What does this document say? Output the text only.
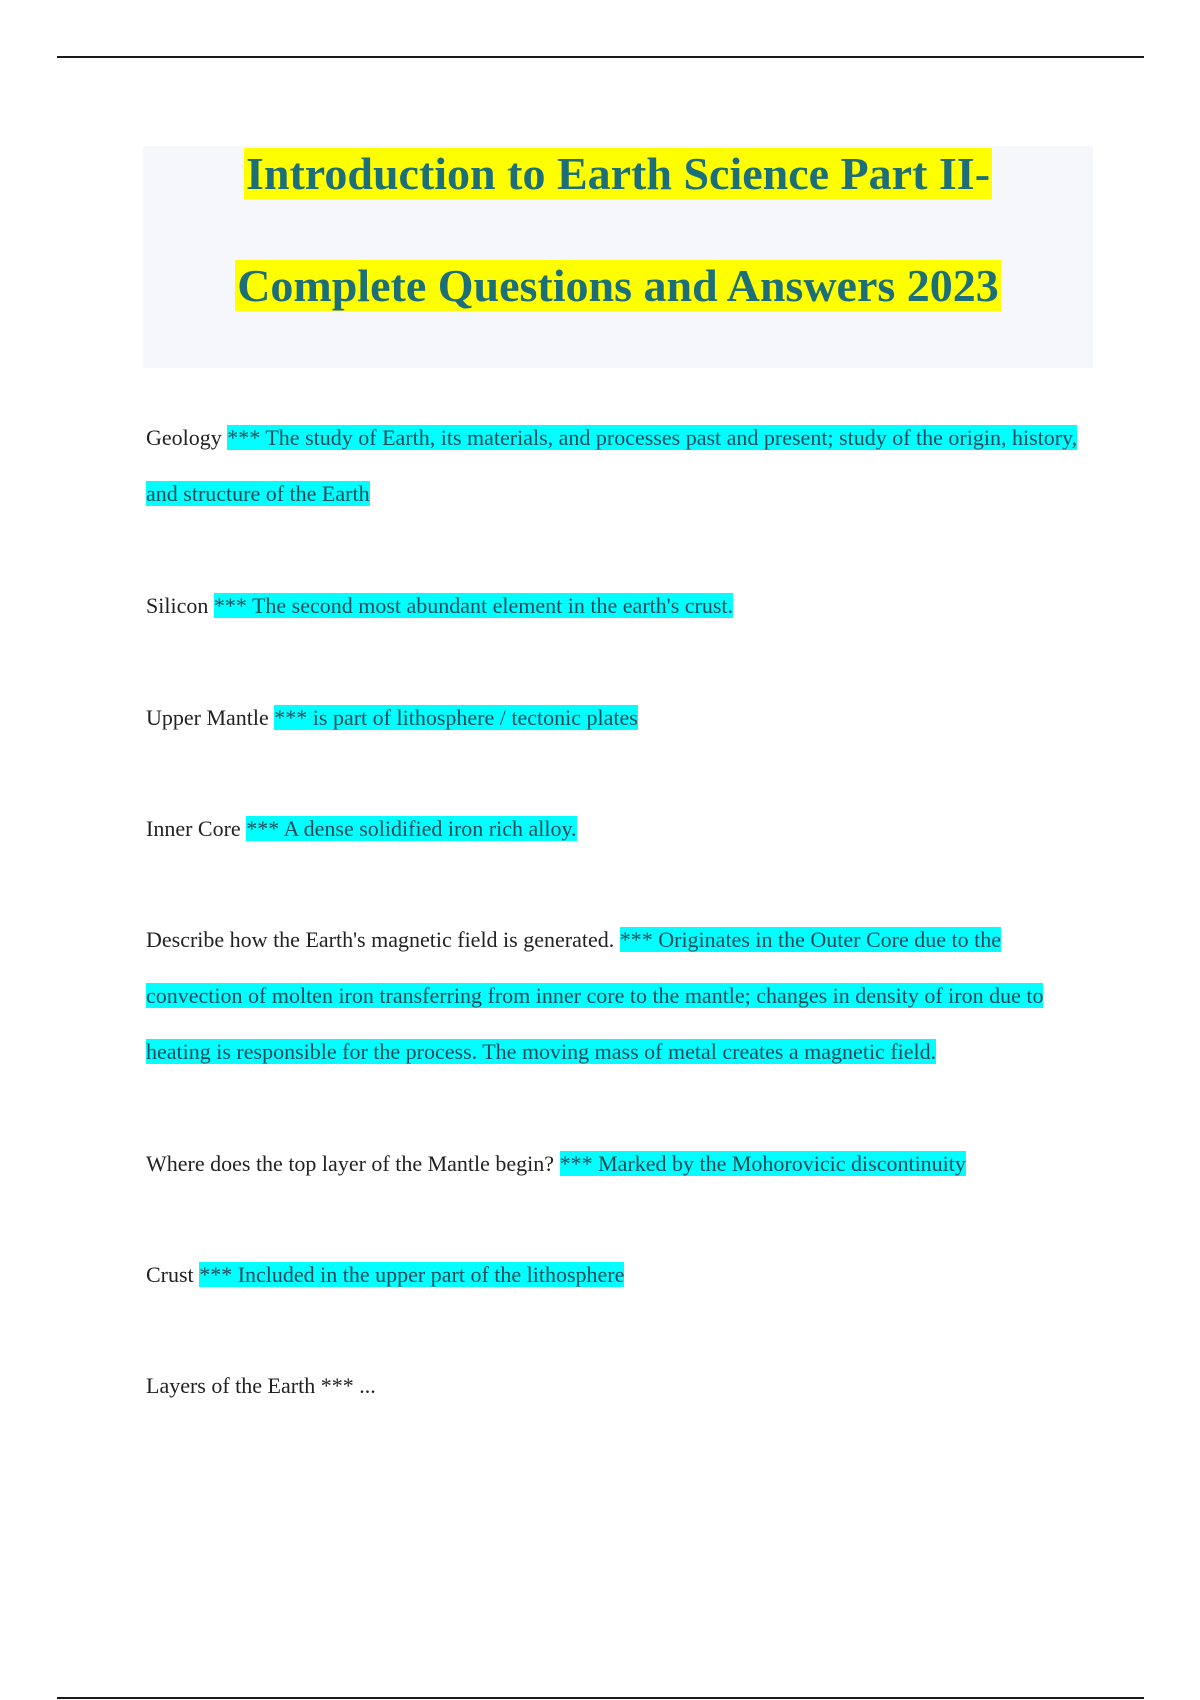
Introduction to Earth Science Part II-
Complete Questions and Answers 2023
Geology *** The study of Earth, its materials, and processes past and present; study of the origin, history, and structure of the Earth
Silicon *** The second most abundant element in the earth's crust.
Upper Mantle *** is part of lithosphere / tectonic plates
Inner Core *** A dense solidified iron rich alloy.
Describe how the Earth's magnetic field is generated. *** Originates in the Outer Core due to the convection of molten iron transferring from inner core to the mantle; changes in density of iron due to heating is responsible for the process. The moving mass of metal creates a magnetic field.
Where does the top layer of the Mantle begin? *** Marked by the Mohorovicic discontinuity
Crust *** Included in the upper part of the lithosphere
Layers of the Earth *** ...
